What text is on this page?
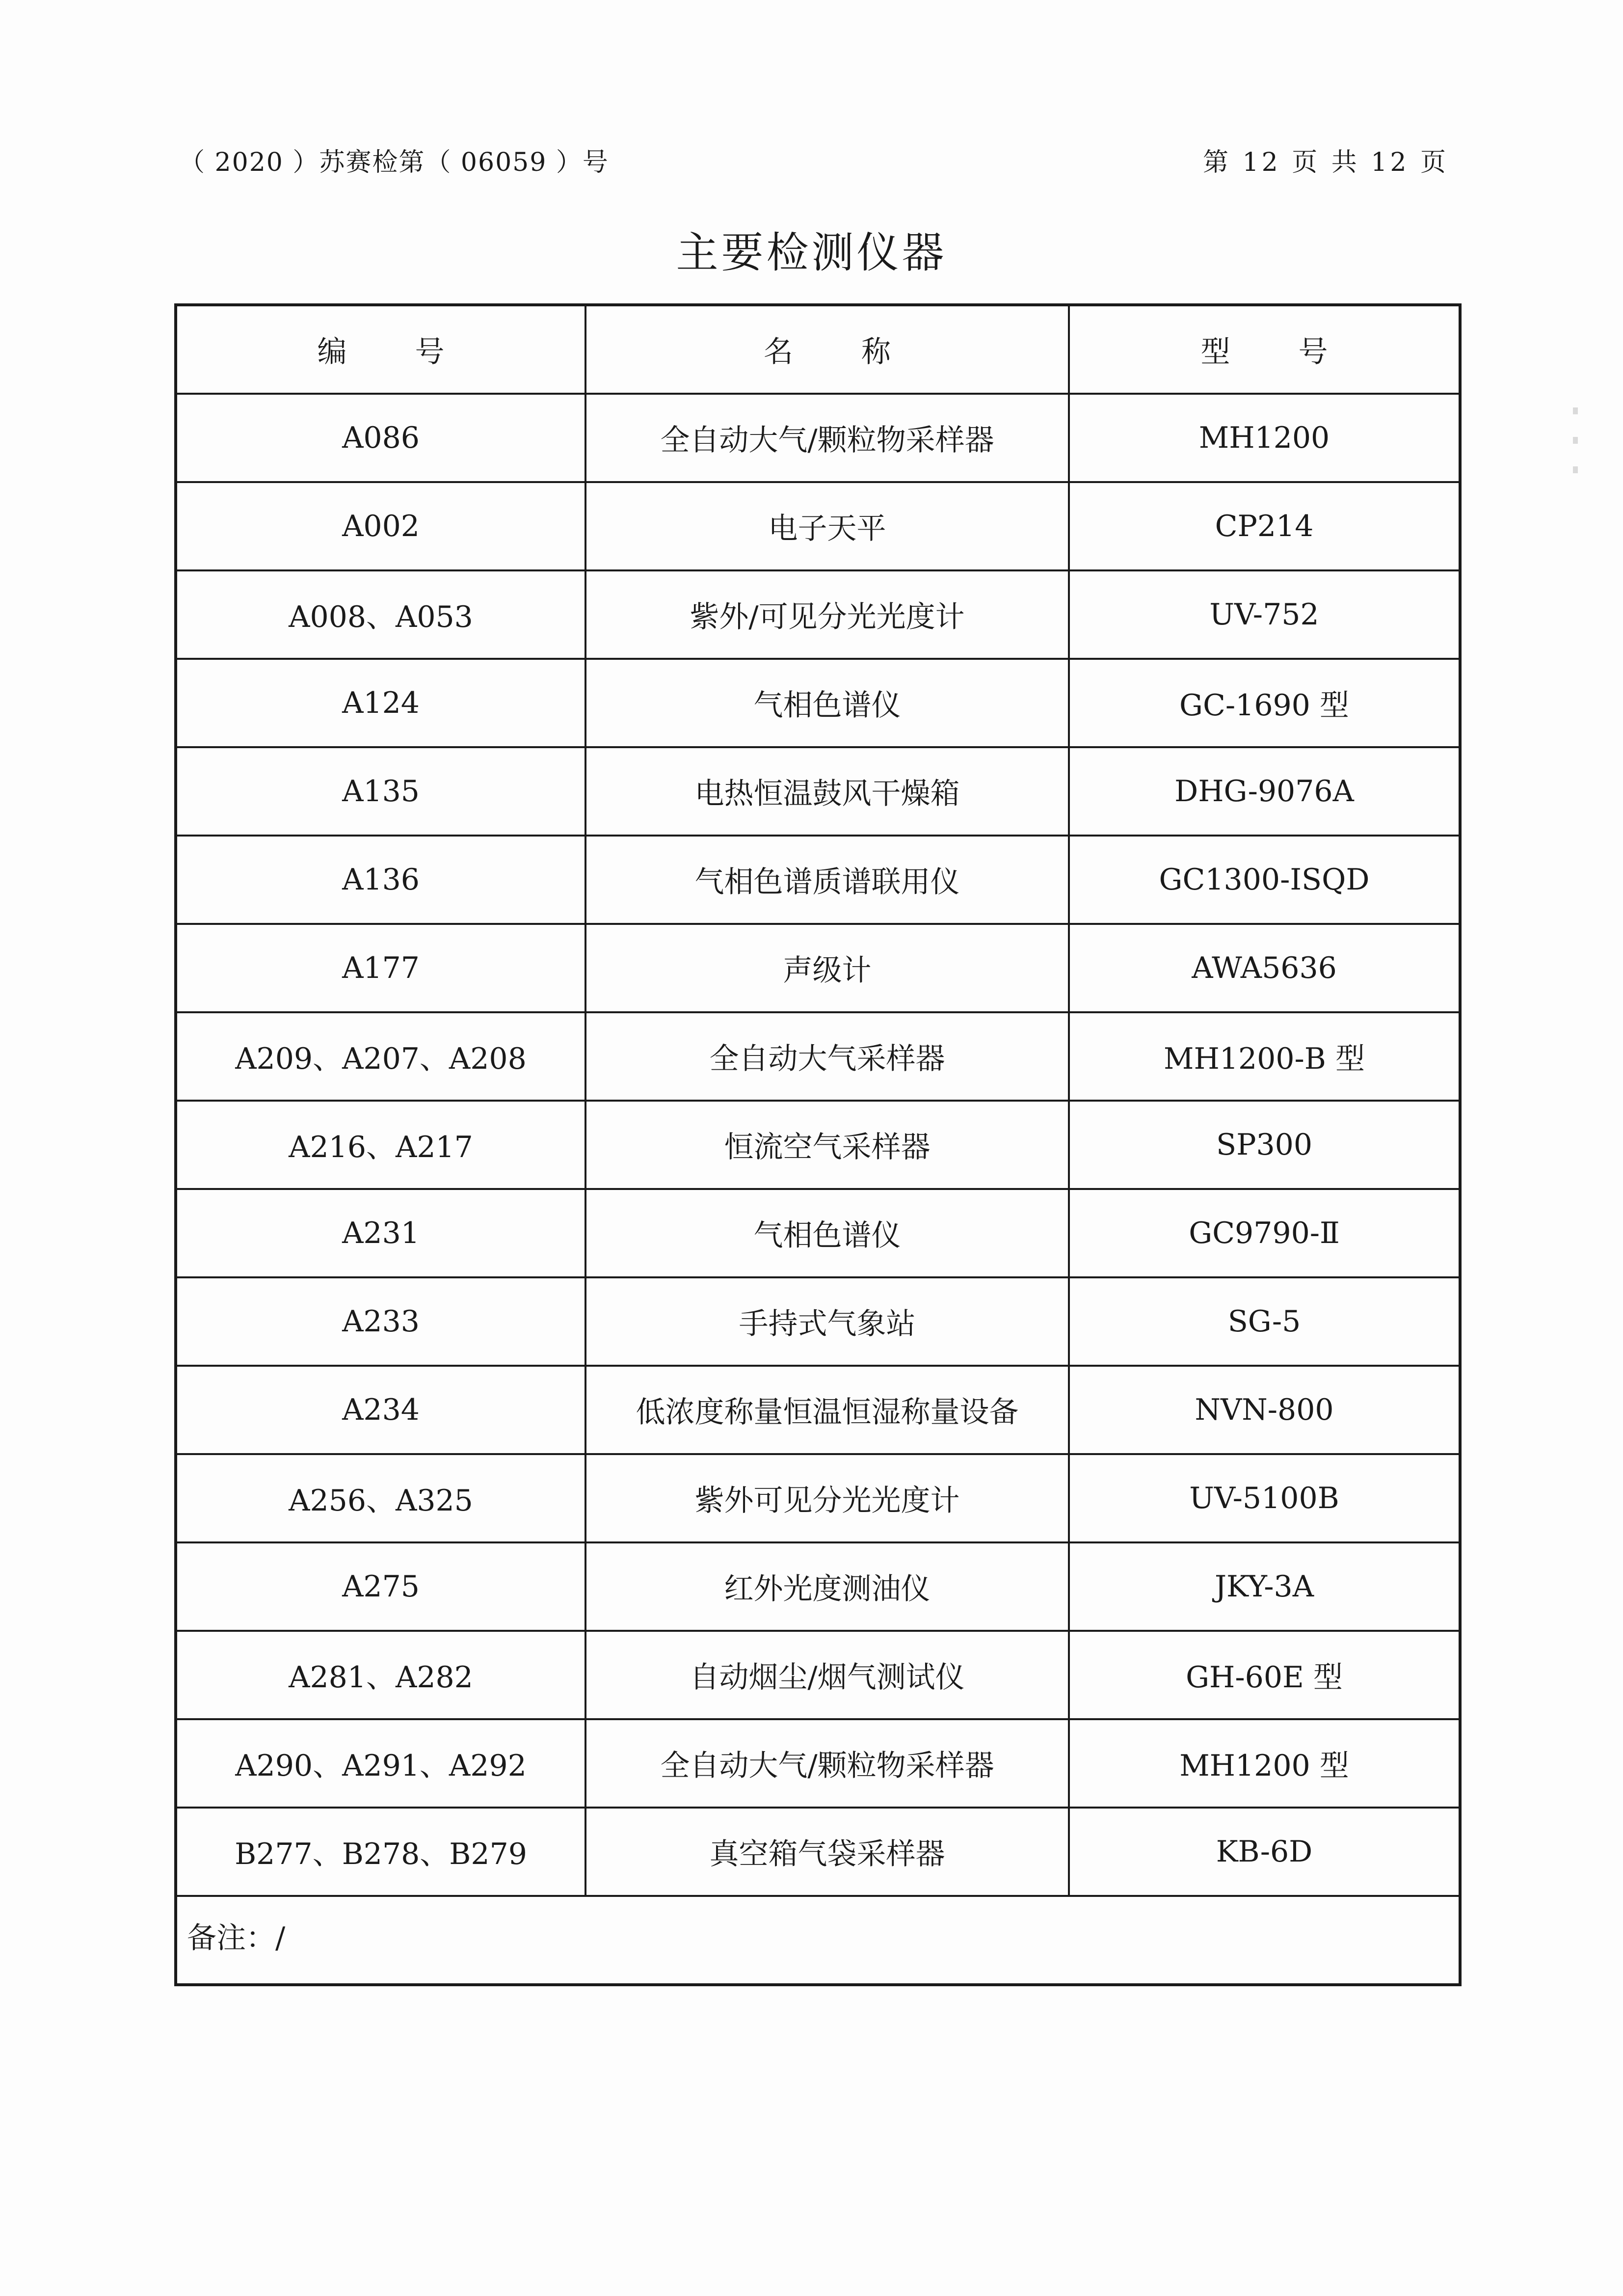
（ 2020 ）苏赛检第（ 06059 ）号	第 12 页 共 12 页
主要检测仪器
编 号	名 称	型 号
A086	全自动大气/颗粒物采样器	MH1200
A002	电子天平	CP214
A008、A053	紫外/可见分光光度计	UV-752
A124	气相色谱仪	GC-1690 型
A135	电热恒温鼓风干燥箱	DHG-9076A
A136	气相色谱质谱联用仪	GC1300-ISQD
A177	声级计	AWA5636
A209、A207、A208	全自动大气采样器	MH1200-B 型
A216、A217	恒流空气采样器	SP300
A231	气相色谱仪	GC9790-Ⅱ
A233	手持式气象站	SG-5
A234	低浓度称量恒温恒湿称量设备	NVN-800
A256、A325	紫外可见分光光度计	UV-5100B
A275	红外光度测油仪	JKY-3A
A281、A282	自动烟尘/烟气测试仪	GH-60E 型
A290、A291、A292	全自动大气/颗粒物采样器	MH1200 型
B277、B278、B279	真空箱气袋采样器	KB-6D
备注：/		
